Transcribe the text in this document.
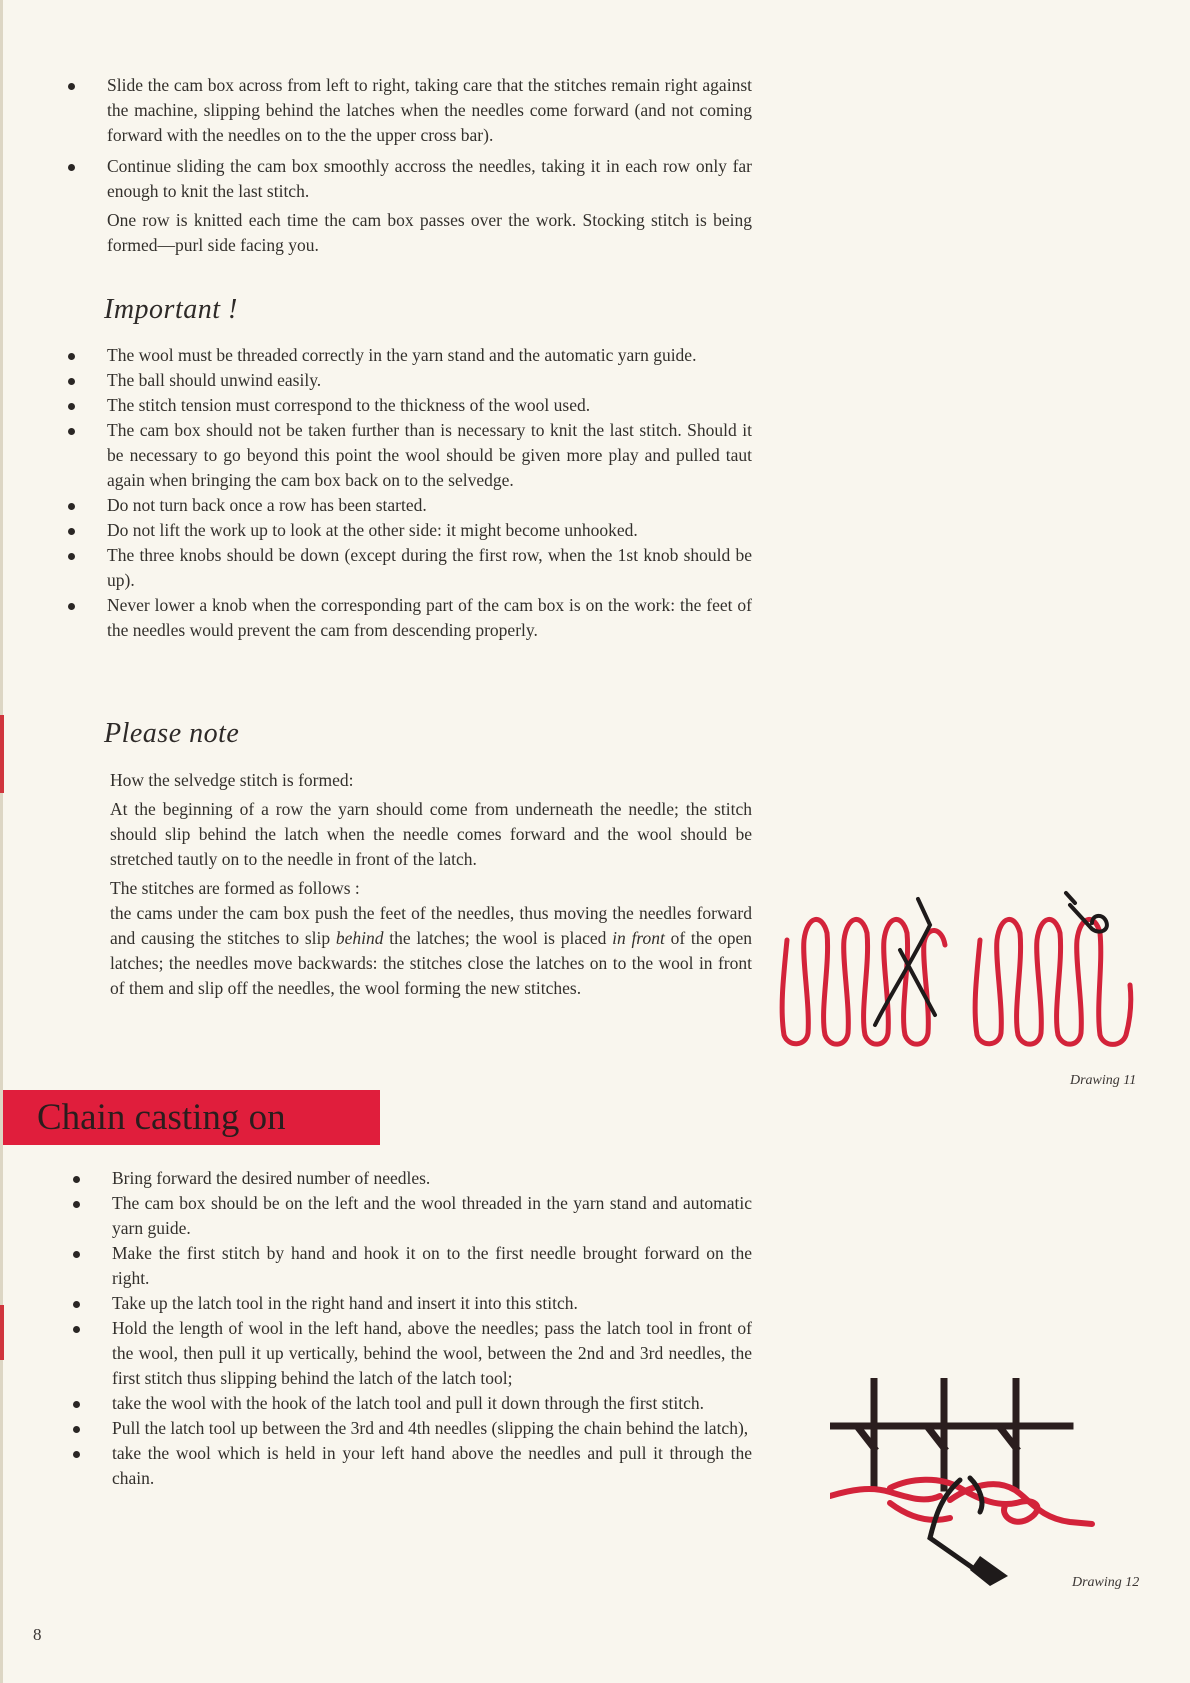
Slide the cam box across from left to right, taking care that the stitches remain right against the machine, slipping behind the latches when the needles come forward (and not coming forward with the needles on to the the upper cross bar).
Continue sliding the cam box smoothly accross the needles, taking it in each row only far enough to knit the last stitch.
One row is knitted each time the cam box passes over the work. Stocking stitch is being formed—purl side facing you.
Important !
The wool must be threaded correctly in the yarn stand and the automatic yarn guide.
The ball should unwind easily.
The stitch tension must correspond to the thickness of the wool used.
The cam box should not be taken further than is necessary to knit the last stitch. Should it be necessary to go beyond this point the wool should be given more play and pulled taut again when bringing the cam box back on to the selvedge.
Do not turn back once a row has been started.
Do not lift the work up to look at the other side: it might become unhooked.
The three knobs should be down (except during the first row, when the 1st knob should be up).
Never lower a knob when the corresponding part of the cam box is on the work: the feet of the needles would prevent the cam from descending properly.
Please note

How the selvedge stitch is formed:

At the beginning of a row the yarn should come from underneath the needle; the stitch should slip behind the latch when the needle comes forward and the wool should be stretched tautly on to the needle in front of the latch.

The stitches are formed as follows :

the cams under the cam box push the feet of the needles, thus moving the needles forward and causing the stitches to slip behind the latches; the wool is placed in front of the open latches; the needles move backwards: the stitches close the latches on to the wool in front of them and slip off the needles, the wool forming the new stitches.

Drawing 11
Chain casting on
Bring forward the desired number of needles.
The cam box should be on the left and the wool threaded in the yarn stand and automatic yarn guide.
Make the first stitch by hand and hook it on to the first needle brought forward on the right.
Take up the latch tool in the right hand and insert it into this stitch.
Hold the length of wool in the left hand, above the needles; pass the latch tool in front of the wool, then pull it up vertically, behind the wool, between the 2nd and 3rd needles, the first stitch thus slipping behind the latch of the latch tool;
take the wool with the hook of the latch tool and pull it down through the first stitch.
Pull the latch tool up between the 3rd and 4th needles (slipping the chain behind the latch),
take the wool which is held in your left hand above the needles and pull it through the chain.
Drawing 12
8
